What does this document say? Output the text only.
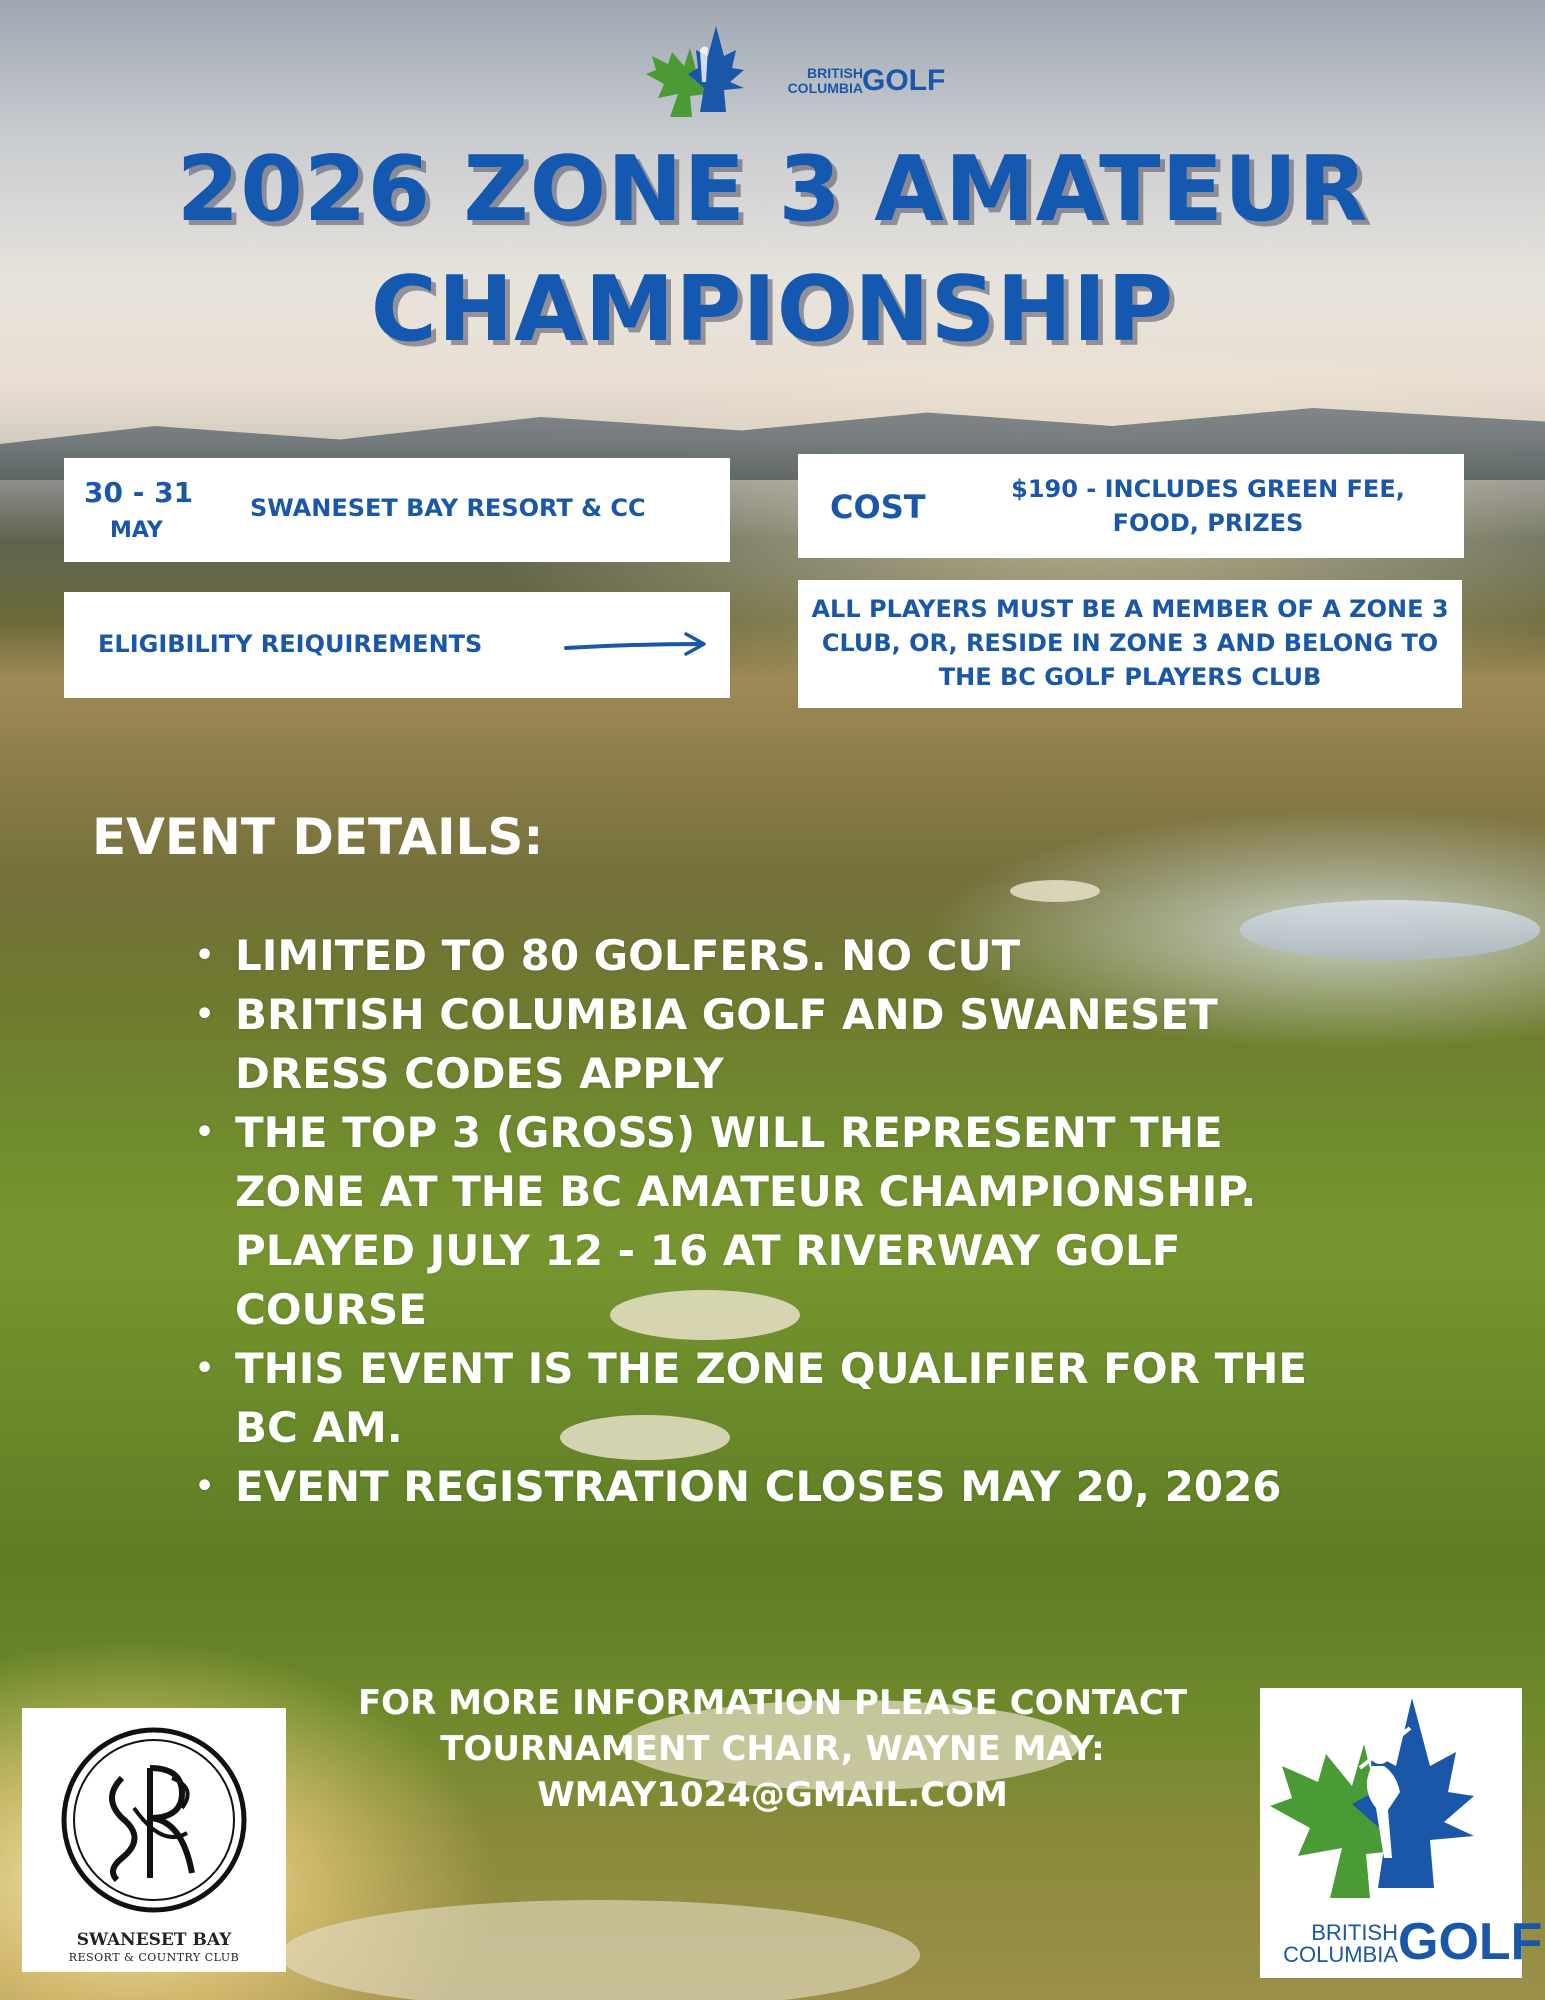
BRITISH COLUMBIA GOLF
2026 ZONE 3 AMATEUR
CHAMPIONSHIP
30 - 31
MAY
SWANESET BAY RESORT & CC	COST	$190 - INCLUDES GREEN FEE, FOOD, PRIZES
ELIGIBILITY REIQUIREMENTS
ALL PLAYERS MUST BE A MEMBER OF A ZONE 3 CLUB, OR, RESIDE IN ZONE 3 AND BELONG TO THE BC GOLF PLAYERS CLUB
EVENT DETAILS:
• LIMITED TO 80 GOLFERS. NO CUT
• BRITISH COLUMBIA GOLF AND SWANESET DRESS CODES APPLY
• THE TOP 3 (GROSS) WILL REPRESENT THE ZONE AT THE BC AMATEUR CHAMPIONSHIP. PLAYED JULY 12 - 16 AT RIVERWAY GOLF COURSE
• THIS EVENT IS THE ZONE QUALIFIER FOR THE BC AM.
• EVENT REGISTRATION CLOSES MAY 20, 2026
FOR MORE INFORMATION PLEASE CONTACT
TOURNAMENT CHAIR, WAYNE MAY:
WMAY1024@GMAIL.COM
SWANESET BAY
RESORT & COUNTRY CLUB
BRITISH COLUMBIA GOLF
